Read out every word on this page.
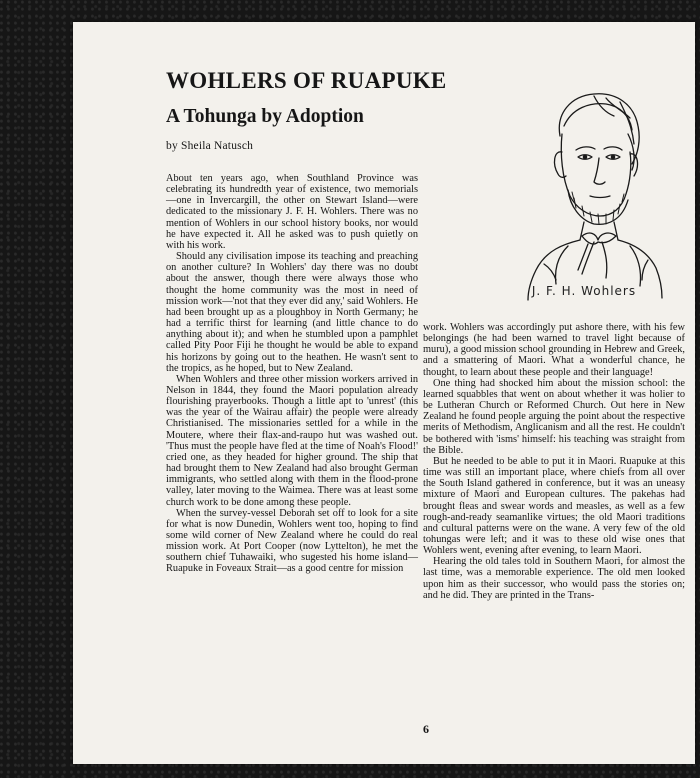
WOHLERS OF RUAPUKE
A Tohunga by Adoption
by Sheila Natusch

About ten years ago, when Southland Province was celebrating its hundredth year of existence, two memorials—one in Invercargill, the other on Stewart Island—were dedicated to the missionary J. F. H. Wohlers. There was no mention of Wohlers in our school history books, nor would he have expected it. All he asked was to push quietly on with his work.

Should any civilisation impose its teaching and preaching on another culture? In Wohlers' day there was no doubt about the answer, though there were always those who thought the home community was the most in need of mission work—'not that they ever did any,' said Wohlers. He had been brought up as a ploughboy in North Germany; he had a terrific thirst for learning (and little chance to do anything about it); and when he stumbled upon a pamphlet called Pity Poor Fiji he thought he would be able to expand his horizons by going out to the heathen. He wasn't sent to the tropics, as he hoped, but to New Zealand.

When Wohlers and three other mission workers arrived in Nelson in 1844, they found the Maori population already flourishing prayerbooks. Though a little apt to 'unrest' (this was the year of the Wairau affair) the people were already Christianised. The missionaries settled for a while in the Moutere, where their flax-and-raupo hut was washed out. 'Thus must the people have fled at the time of Noah's Flood!' cried one, as they headed for higher ground. The ship that had brought them to New Zealand had also brought German immigrants, who settled along with them in the flood-prone valley, later moving to the Waimea. There was at least some church work to be done among these people.

When the survey-vessel Deborah set off to look for a site for what is now Dunedin, Wohlers went too, hoping to find some wild corner of New Zealand where he could do real mission work. At Port Cooper (now Lyttelton), he met the southern chief Tuhawaiki, who sugested his home island—Ruapuke in Foveaux Strait—as a good centre for mission

J. F. H. Wohlers

work. Wohlers was accordingly put ashore there, with his few belongings (he had been warned to travel light because of muru), a good mission school grounding in Hebrew and Greek, and a smattering of Maori. What a wonderful chance, he thought, to learn about these people and their language!

One thing had shocked him about the mission school: the learned squabbles that went on about whether it was holier to be Lutheran Church or Reformed Church. Out here in New Zealand he found people arguing the point about the respective merits of Methodism, Anglicanism and all the rest. He couldn't be bothered with 'isms' himself: his teaching was straight from the Bible.

But he needed to be able to put it in Maori. Ruapuke at this time was still an important place, where chiefs from all over the South Island gathered in conference, but it was an uneasy mixture of Maori and European cultures. The pakehas had brought fleas and swear words and measles, as well as a few rough-and-ready seamanlike virtues; the old Maori traditions and cultural patterns were on the wane. A very few of the old tohungas were left; and it was to these old wise ones that Wohlers went, evening after evening, to learn Maori.

Hearing the old tales told in Southern Maori, for almost the last time, was a memorable experience. The old men looked upon him as their successor, who would pass the stories on; and he did. They are printed in the Trans-

6
